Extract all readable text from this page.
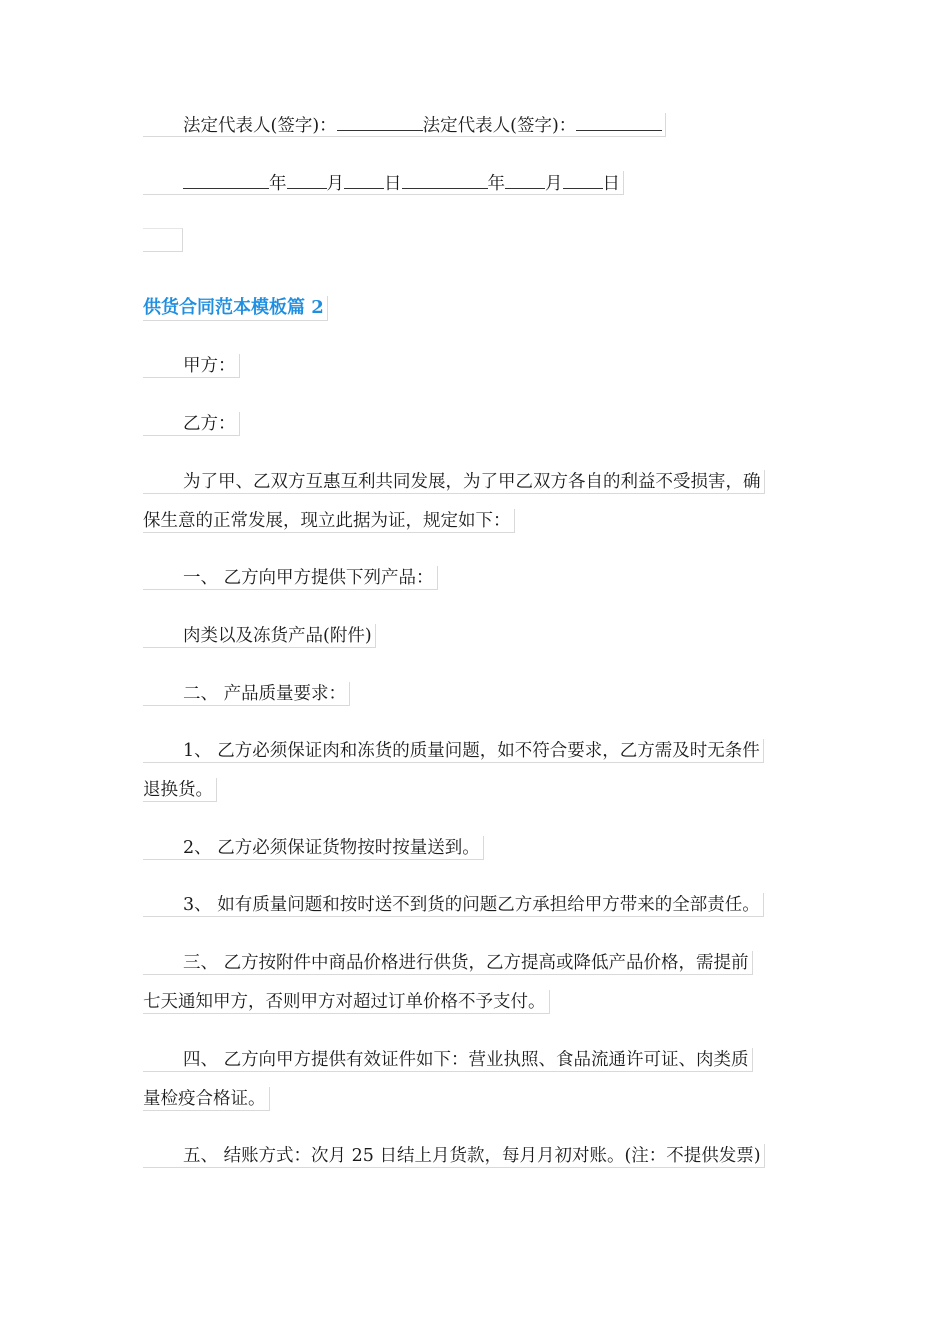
法定代表人(签字)：	法定代表人(签字)：
年 月 日	年 月 日
供货合同范本模板篇 2
甲方：
乙方：
为了甲、乙双方互惠互利共同发展，为了甲乙双方各自的利益不受损害，确
保生意的正常发展，现立此据为证，规定如下：
一、 乙方向甲方提供下列产品：
肉类以及冻货产品(附件)
二、 产品质量要求：
1、 乙方必须保证肉和冻货的质量问题，如不符合要求，乙方需及时无条件
退换货。
2、 乙方必须保证货物按时按量送到。
3、 如有质量问题和按时送不到货的问题乙方承担给甲方带来的全部责任。
三、 乙方按附件中商品价格进行供货，乙方提高或降低产品价格，需提前
七天通知甲方，否则甲方对超过订单价格不予支付。
四、 乙方向甲方提供有效证件如下：营业执照、食品流通许可证、肉类质
量检疫合格证。
五、 结账方式：次月 25 日结上月货款，每月月初对账。(注：不提供发票)
